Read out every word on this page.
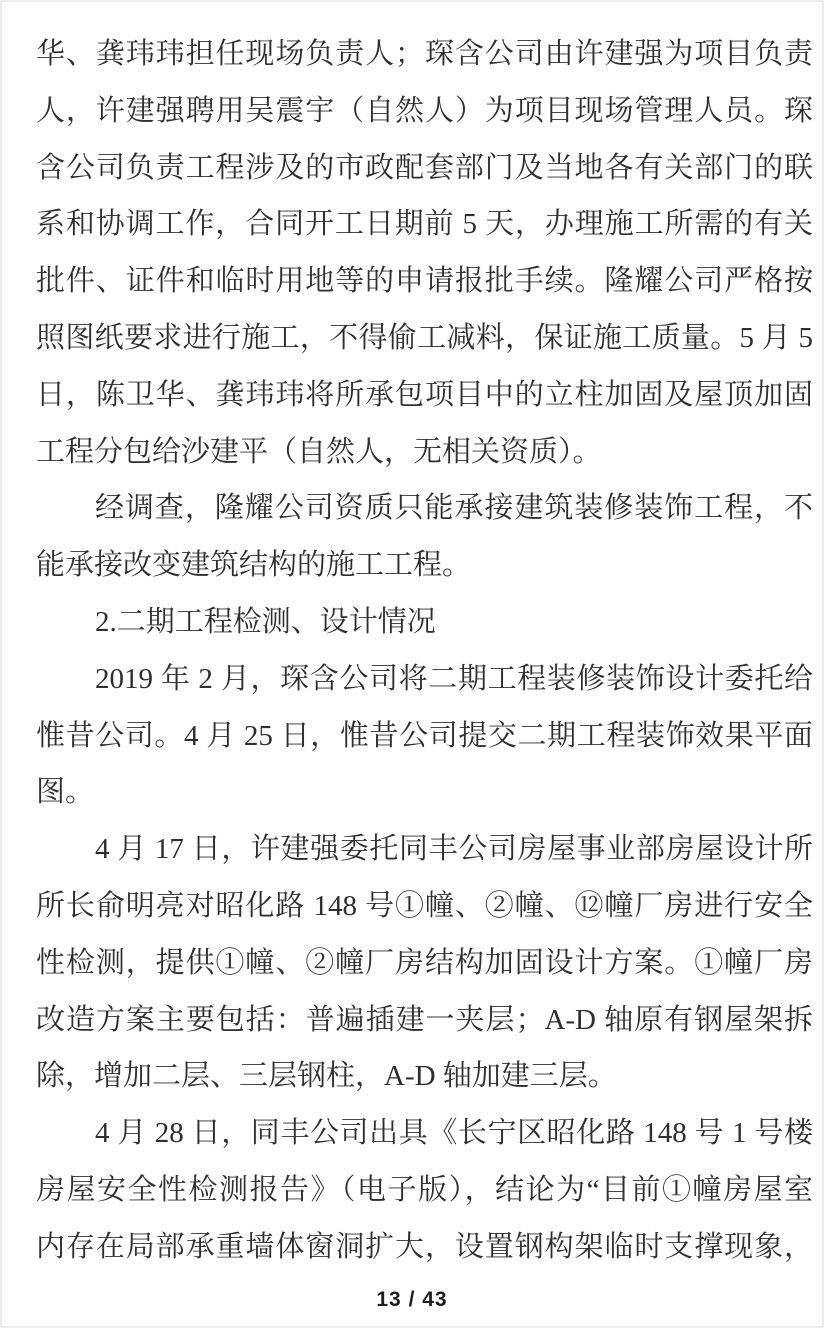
华、龚玮玮担任现场负责人；琛含公司由许建强为项目负责
人，许建强聘用吴震宇（自然人）为项目现场管理人员。琛
含公司负责工程涉及的市政配套部门及当地各有关部门的联
系和协调工作，合同开工日期前 5 天，办理施工所需的有关
批件、证件和临时用地等的申请报批手续。隆耀公司严格按
照图纸要求进行施工，不得偷工减料，保证施工质量。5 月 5
日，陈卫华、龚玮玮将所承包项目中的立柱加固及屋顶加固
工程分包给沙建平（自然人，无相关资质）。
经调查，隆耀公司资质只能承接建筑装修装饰工程，不
能承接改变建筑结构的施工工程。
2.二期工程检测、设计情况
2019 年 2 月，琛含公司将二期工程装修装饰设计委托给
惟昔公司。4 月 25 日，惟昔公司提交二期工程装饰效果平面
图。
4 月 17 日，许建强委托同丰公司房屋事业部房屋设计所
所长俞明亮对昭化路 148 号①幢、②幢、⑫幢厂房进行安全
性检测，提供①幢、②幢厂房结构加固设计方案。①幢厂房
改造方案主要包括：普遍插建一夹层；A-D 轴原有钢屋架拆
除，增加二层、三层钢柱，A-D 轴加建三层。
4 月 28 日，同丰公司出具《长宁区昭化路 148 号 1 号楼
房屋安全性检测报告》（电子版），结论为“目前①幢房屋室
内存在局部承重墙体窗洞扩大，设置钢构架临时支撑现象，
13 / 43
